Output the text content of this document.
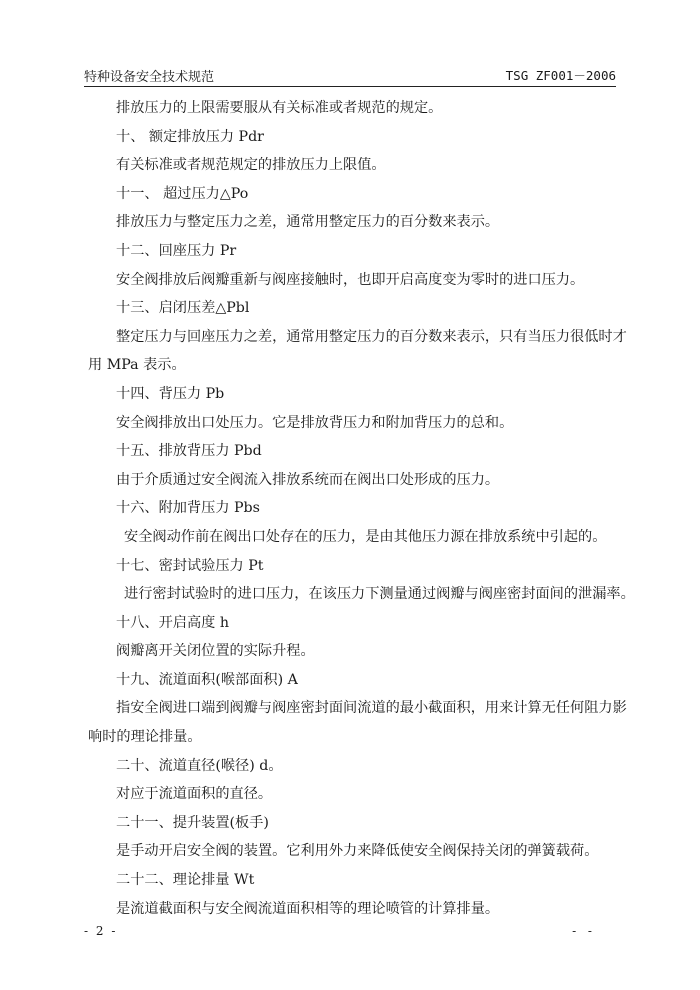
特种设备安全技术规范	TSG ZF001－2006
排放压力的上限需要服从有关标准或者规范的规定。
十、 额定排放压力 Pdr
有关标准或者规范规定的排放压力上限值。
十一、 超过压力△Po
排放压力与整定压力之差，通常用整定压力的百分数来表示。
十二、回座压力 Pr
安全阀排放后阀瓣重新与阀座接触时，也即开启高度变为零时的进口压力。
十三、启闭压差△Pbl
整定压力与回座压力之差，通常用整定压力的百分数来表示，只有当压力很低时才
用 MPa 表示。
十四、背压力 Pb
安全阀排放出口处压力。它是排放背压力和附加背压力的总和。
十五、排放背压力 Pbd
由于介质通过安全阀流入排放系统而在阀出口处形成的压力。
十六、附加背压力 Pbs
安全阀动作前在阀出口处存在的压力，是由其他压力源在排放系统中引起的。
十七、密封试验压力 Pt
进行密封试验时的进口压力，在该压力下测量通过阀瓣与阀座密封面间的泄漏率。
十八、开启高度 h
阀瓣离开关闭位置的实际升程。
十九、流道面积(喉部面积) A
指安全阀进口端到阀瓣与阀座密封面间流道的最小截面积，用来计算无任何阻力影
响时的理论排量。
二十、流道直径(喉径) d。
对应于流道面积的直径。
二十一、提升装置(板手)
是手动开启安全阀的装置。它利用外力来降低使安全阀保持关闭的弹簧载荷。
二十二、理论排量 Wt
是流道截面积与安全阀流道面积相等的理论喷管的计算排量。
- 2 -	- -
